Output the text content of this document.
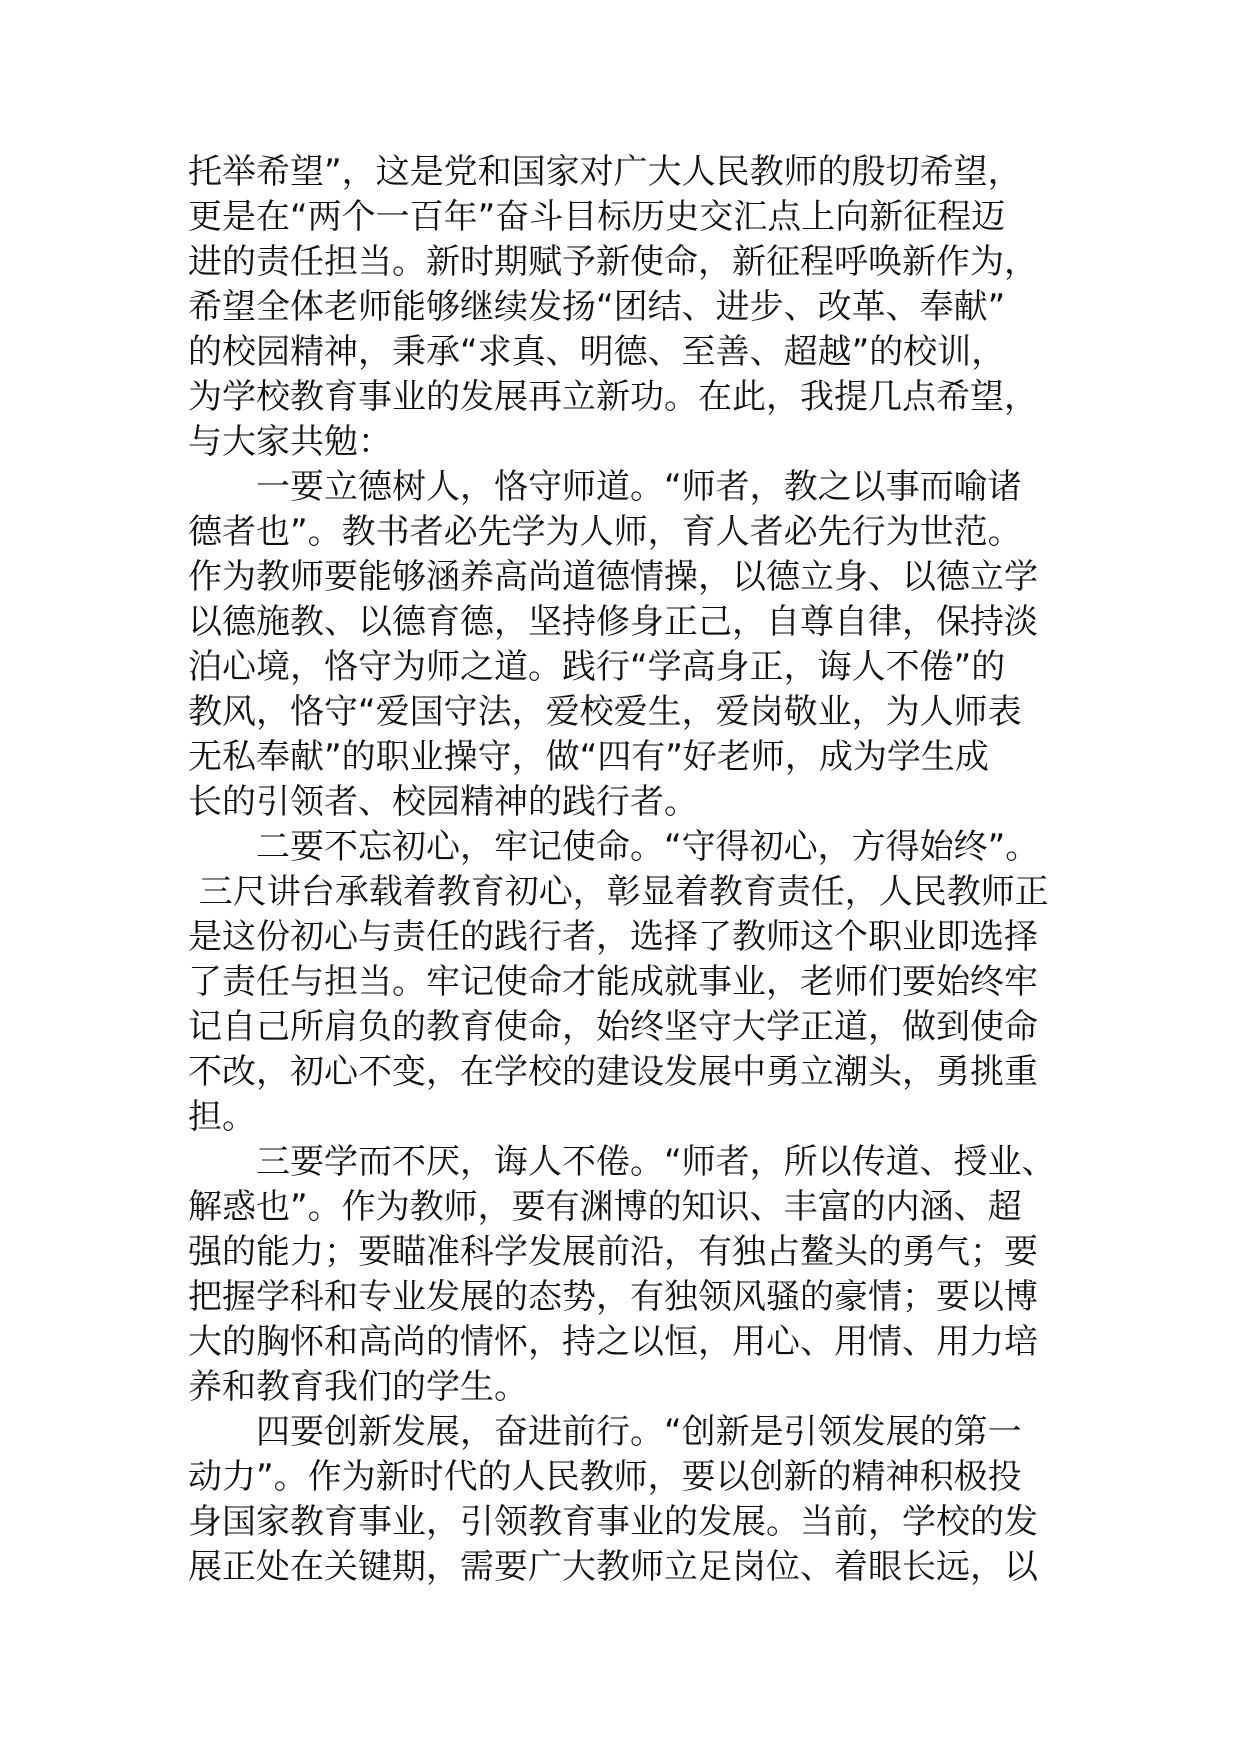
托举希望”，这是党和国家对广大人民教师的殷切希望，
更是在“两个一百年”奋斗目标历史交汇点上向新征程迈
进的责任担当。新时期赋予新使命，新征程呼唤新作为，
希望全体老师能够继续发扬“团结、进步、改革、奉献”
的校园精神，秉承“求真、明德、至善、超越”的校训，
为学校教育事业的发展再立新功。在此，我提几点希望，
与大家共勉：
　　一要立德树人，恪守师道。“师者，教之以事而喻诸
德者也”。教书者必先学为人师，育人者必先行为世范。
作为教师要能够涵养高尚道德情操，以德立身、以德立学
以德施教、以德育德，坚持修身正己，自尊自律，保持淡
泊心境，恪守为师之道。践行“学高身正，诲人不倦”的
教风，恪守“爱国守法，爱校爱生，爱岗敬业，为人师表
无私奉献”的职业操守，做“四有”好老师，成为学生成
长的引领者、校园精神的践行者。
　　二要不忘初心，牢记使命。“守得初心，方得始终”。
三尺讲台承载着教育初心，彰显着教育责任，人民教师正
是这份初心与责任的践行者，选择了教师这个职业即选择
了责任与担当。牢记使命才能成就事业，老师们要始终牢
记自己所肩负的教育使命，始终坚守大学正道，做到使命
不改，初心不变，在学校的建设发展中勇立潮头，勇挑重
担。
　　三要学而不厌，诲人不倦。“师者，所以传道、授业、
解惑也”。作为教师，要有渊博的知识、丰富的内涵、超
强的能力；要瞄准科学发展前沿，有独占鳌头的勇气；要
把握学科和专业发展的态势，有独领风骚的豪情；要以博
大的胸怀和高尚的情怀，持之以恒，用心、用情、用力培
养和教育我们的学生。
　　四要创新发展，奋进前行。“创新是引领发展的第一
动力”。作为新时代的人民教师，要以创新的精神积极投
身国家教育事业，引领教育事业的发展。当前，学校的发
展正处在关键期，需要广大教师立足岗位、着眼长远，以
